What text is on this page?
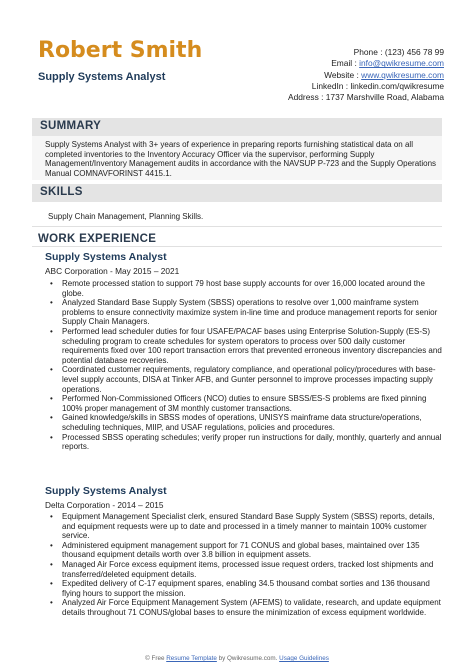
Robert Smith
Supply Systems Analyst
Phone : (123) 456 78 99
Email : info@qwikresume.com
Website : www.qwikresume.com
LinkedIn : linkedin.com/qwikresume
Address : 1737 Marshville Road, Alabama
SUMMARY
Supply Systems Analyst with 3+ years of experience in preparing reports furnishing statistical data on all completed inventories to the Inventory Accuracy Officer via the supervisor, performing Supply Management/Inventory Management audits in accordance with the NAVSUP P-723 and the Supply Operations Manual COMNAVFORINST 4415.1.
SKILLS
Supply Chain Management, Planning Skills.
WORK EXPERIENCE
Supply Systems Analyst
ABC Corporation - May 2015 – 2021
• Remote processed station to support 79 host base supply accounts for over 16,000 located around the globe.
• Analyzed Standard Base Supply System (SBSS) operations to resolve over 1,000 mainframe system problems to ensure connectivity maximize system in-line time and produce management reports for senior Supply Chain Managers.
• Performed lead scheduler duties for four USAFE/PACAF bases using Enterprise Solution-Supply (ES-S) scheduling program to create schedules for system operators to process over 500 daily customer requirements fixed over 100 report transaction errors that prevented erroneous inventory discrepancies and potential database recoveries.
• Coordinated customer requirements, regulatory compliance, and operational policy/procedures with base-level supply accounts, DISA at Tinker AFB, and Gunter personnel to improve processes impacting supply operations.
• Performed Non-Commissioned Officers (NCO) duties to ensure SBSS/ES-S problems are fixed pinning 100% proper management of 3M monthly customer transactions.
• Gained knowledge/skills in SBSS modes of operations, UNISYS mainframe data structure/operations, scheduling techniques, MIIP, and USAF regulations, policies and procedures.
• Processed SBSS operating schedules; verify proper run instructions for daily, monthly, quarterly and annual reports.
Supply Systems Analyst
Delta Corporation - 2014 – 2015
• Equipment Management Specialist clerk, ensured Standard Base Supply System (SBSS) reports, details, and equipment requests were up to date and processed in a timely manner to maintain 100% customer service.
• Administered equipment management support for 71 CONUS and global bases, maintained over 135 thousand equipment details worth over 3.8 billion in equipment assets.
• Managed Air Force excess equipment items, processed issue request orders, tracked lost shipments and transferred/deleted equipment details.
• Expedited delivery of C-17 equipment spares, enabling 34.5 thousand combat sorties and 136 thousand flying hours to support the mission.
• Analyzed Air Force Equipment Management System (AFEMS) to validate, research, and update equipment details throughout 71 CONUS/global bases to ensure the minimization of excess equipment worldwide.
© Free Resume Template by Qwikresume.com. Usage Guidelines
